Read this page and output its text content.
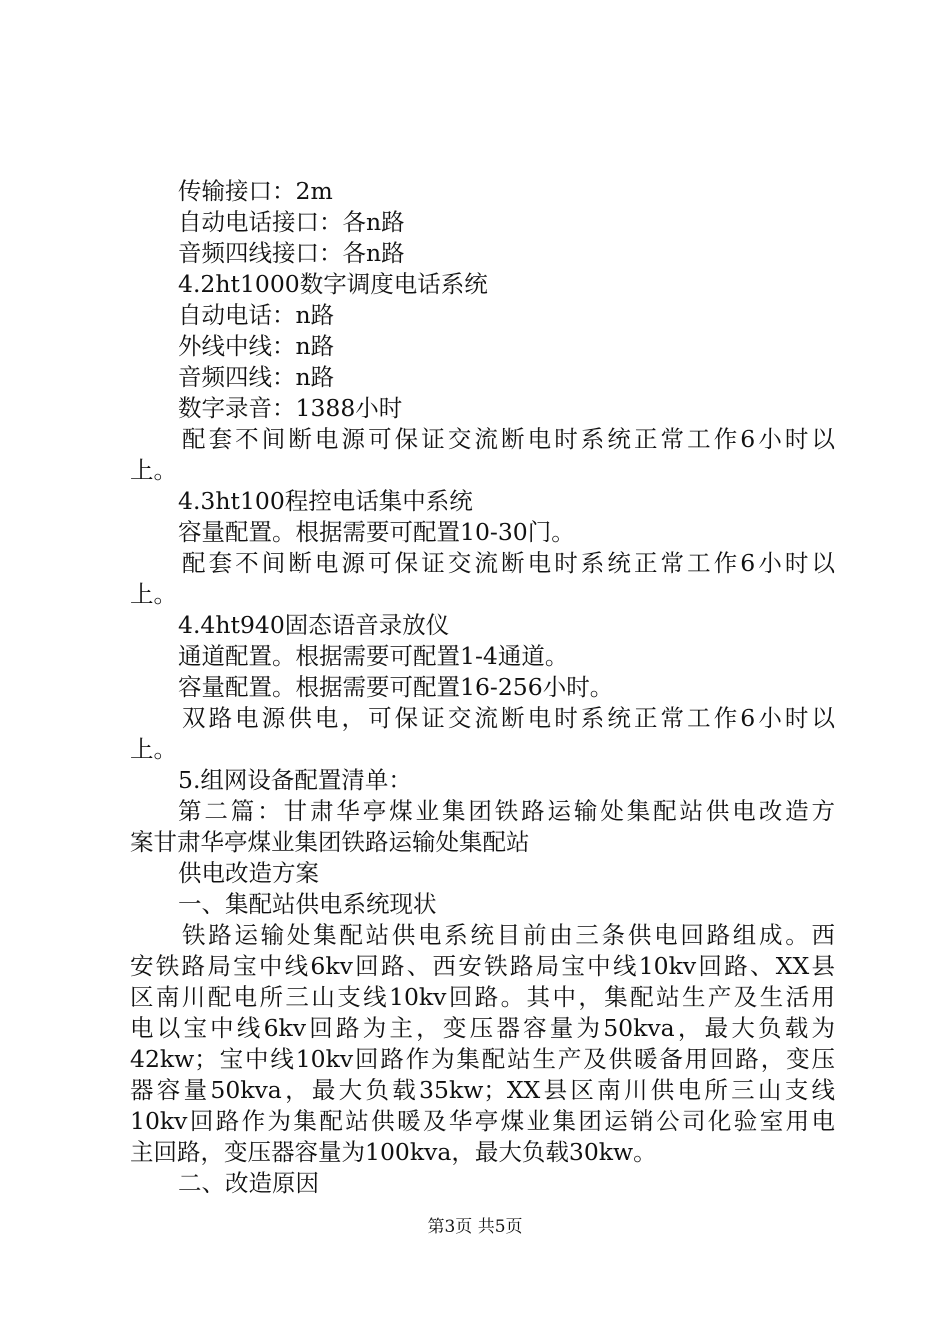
传输接口：2m
自动电话接口：各n路
音频四线接口：各n路
4.2ht1000数字调度电话系统
自动电话：n路
外线中线：n路
音频四线：n路
数字录音：1388小时
配套不间断电源可保证交流断电时系统正常工作6小时以
上。
4.3ht100程控电话集中系统
容量配置。根据需要可配置10-30门。
配套不间断电源可保证交流断电时系统正常工作6小时以
上。
4.4ht940固态语音录放仪
通道配置。根据需要可配置1-4通道。
容量配置。根据需要可配置16-256小时。
双路电源供电，可保证交流断电时系统正常工作6小时以
上。
5.组网设备配置清单：
第二篇：甘肃华亭煤业集团铁路运输处集配站供电改造方
案甘肃华亭煤业集团铁路运输处集配站
供电改造方案
一、集配站供电系统现状
铁路运输处集配站供电系统目前由三条供电回路组成。西
安铁路局宝中线6kv回路、西安铁路局宝中线10kv回路、XX县
区南川配电所三山支线10kv回路。其中，集配站生产及生活用
电以宝中线6kv回路为主，变压器容量为50kva，最大负载为
42kw；宝中线10kv回路作为集配站生产及供暖备用回路，变压
器容量50kva，最大负载35kw；XX县区南川供电所三山支线
10kv回路作为集配站供暖及华亭煤业集团运销公司化验室用电
主回路，变压器容量为100kva，最大负载30kw。
二、改造原因
第3页 共5页
